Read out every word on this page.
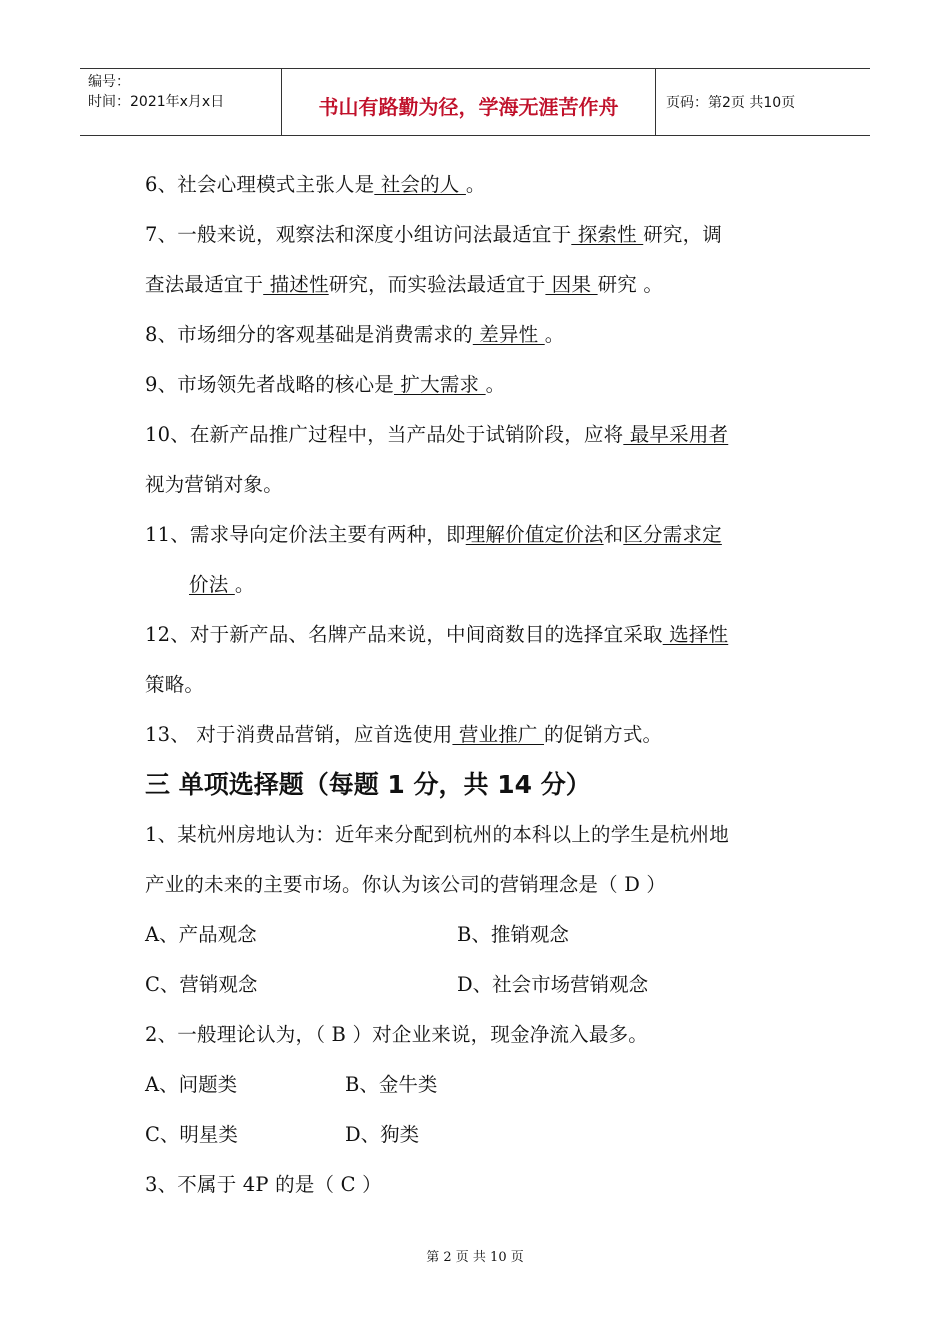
编号：
时间：2021年x月x日	书山有路勤为径，学海无涯苦作舟	页码：第2页 共10页
6、社会心理模式主张人是 社会的人 。
7、一般来说，观察法和深度小组访问法最适宜于 探索性 研究，调
查法最适宜于 描述性研究，而实验法最适宜于 因果 研究 。
8、市场细分的客观基础是消费需求的 差异性 。
9、市场领先者战略的核心是 扩大需求 。
10、在新产品推广过程中，当产品处于试销阶段，应将 最早采用者
视为营销对象。
11、需求导向定价法主要有两种，即理解价值定价法和区分需求定
价法 。
12、对于新产品、名牌产品来说，中间商数目的选择宜采取 选择性
策略。
13、 对于消费品营销，应首选使用 营业推广 的促销方式。
三 单项选择题（每题 1 分，共 14 分）
1、某杭州房地认为：近年来分配到杭州的本科以上的学生是杭州地
产业的未来的主要市场。你认为该公司的营销理念是（ D ）
A、产品观念	B、推销观念
C、营销观念	D、社会市场营销观念
2、一般理论认为，（ B ）对企业来说，现金净流入最多。
A、问题类	B、金牛类
C、明星类	D、狗类
3、不属于 4P 的是（ C ）
第 2 页 共 10 页
